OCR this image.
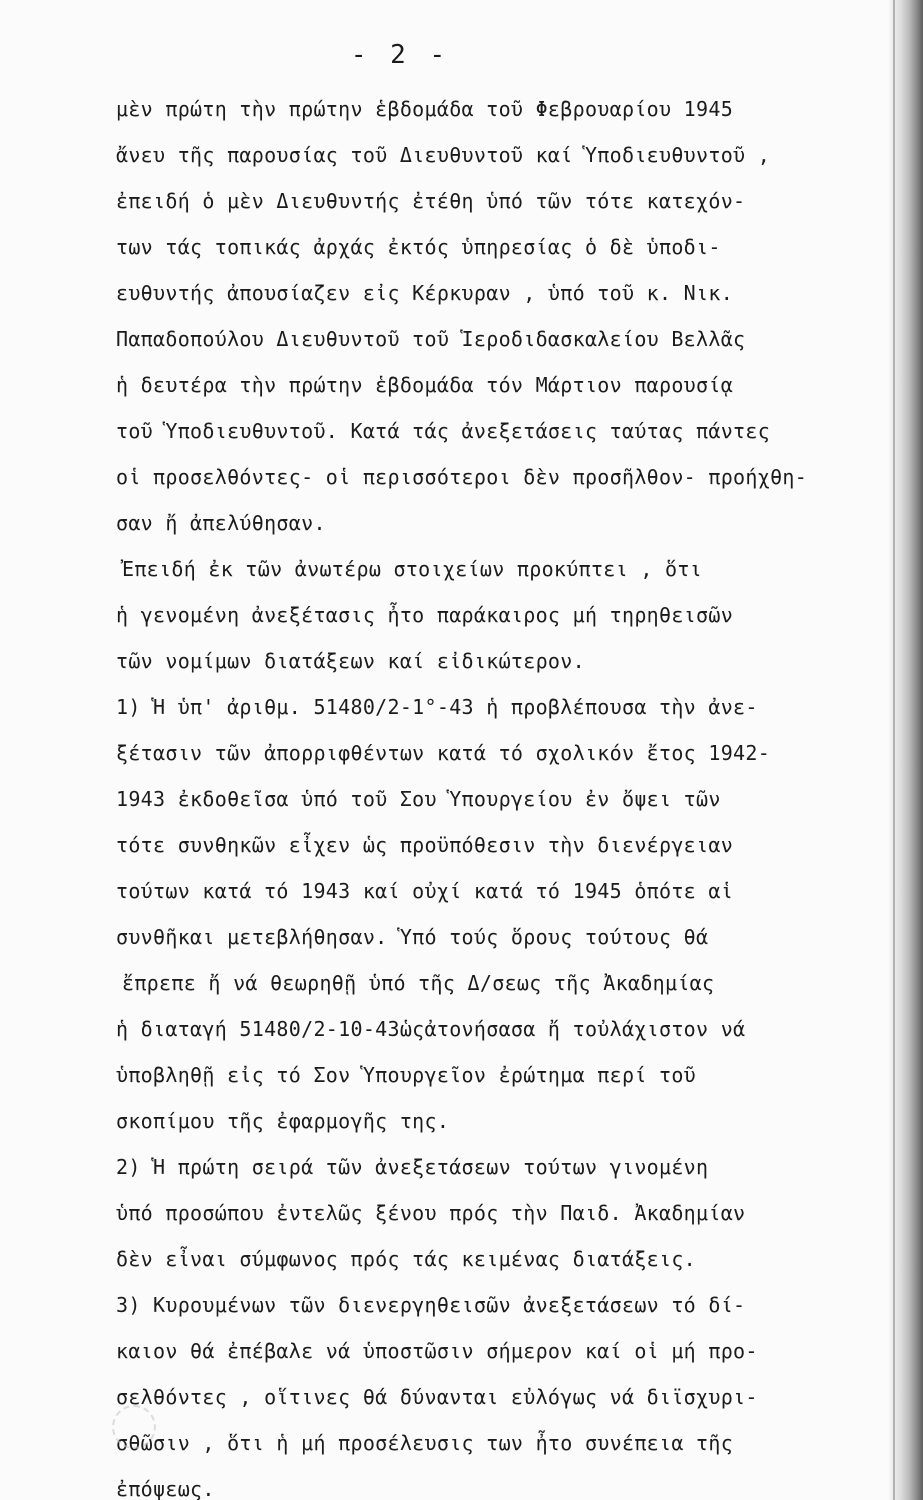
- 2 -
μὲν πρώτη τὴν πρώτην ἑβδομάδα τοῦ Φεβρουαρίου 1945
ἄνευ τῆς παρουσίας τοῦ Διευθυντοῦ καί Ὑποδιευθυντοῦ ,
ἐπειδή ὁ μὲν Διευθυντής ἐτέθη ὑπό τῶν τότε κατεχόν-
των τάς τοπικάς ἀρχάς ἐκτός ὑπηρεσίας ὁ δὲ ὑποδι-
ευθυντής ἀπουσίαζεν εἰς Κέρκυραν , ὑπό τοῦ κ. Νικ.
Παπαδοπούλου Διευθυντοῦ τοῦ Ἱεροδιδασκαλείου Βελλᾶς
ἡ δευτέρα τὴν πρώτην ἑβδομάδα τόν Μάρτιον παρουσίᾳ
τοῦ Ὑποδιευθυντοῦ. Κατά τάς ἀνεξετάσεις ταύτας πάντες
οἱ προσελθόντες- οἱ περισσότεροι δὲν προσῆλθον- προήχθη-
σαν ἤ ἀπελύθησαν.
Ἐπειδή ἐκ τῶν ἀνωτέρω στοιχείων προκύπτει , ὅτι
ἡ γενομένη ἀνεξέτασις ἦτο παράκαιρος μή τηρηθεισῶν
τῶν νομίμων διατάξεων καί εἰδικώτερον.
1) Ἡ ὑπ' ἀριθμ. 51480/2-1°-43 ἡ προβλέπουσα τὴν ἀνε-
ξέτασιν τῶν ἀπορριφθέντων κατά τό σχολικόν ἔτος 1942-
1943 ἐκδοθεῖσα ὑπό τοῦ Σου Ὑπουργείου ἐν ὄψει τῶν
τότε συνθηκῶν εἶχεν ὡς προϋπόθεσιν τὴν διενέργειαν
τούτων κατά τό 1943 καί οὐχί κατά τό 1945 ὁπότε αἱ
συνθῆκαι μετεβλήθησαν. Ὑπό τούς ὅρους τούτους θά
ἔπρεπε ἤ νά θεωρηθῇ ὑπό τῆς Δ/σεως τῆς Ἀκαδημίας
ἡ διαταγή 51480/2-10-43ὡςἀτονήσασα ἤ τοὐλάχιστον νά
ὑποβληθῇ εἰς τό Σον Ὑπουργεῖον ἐρώτημα περί τοῦ
σκοπίμου τῆς ἐφαρμογῆς της.
2) Ἡ πρώτη σειρά τῶν ἀνεξετάσεων τούτων γινομένη
ὑπό προσώπου ἐντελῶς ξένου πρός τὴν Παιδ. Ἀκαδημίαν
δὲν εἶναι σύμφωνος πρός τάς κειμένας διατάξεις.
3) Κυρουμένων τῶν διενεργηθεισῶν ἀνεξετάσεων τό δί-
καιον θά ἐπέβαλε νά ὑποστῶσιν σήμερον καί οἱ μή προ-
σελθόντες , οἵτινες θά δύνανται εὐλόγως νά διϊσχυρι-
σθῶσιν , ὅτι ἡ μή προσέλευσις των ἦτο συνέπεια τῆς
ἐπόψεως.
